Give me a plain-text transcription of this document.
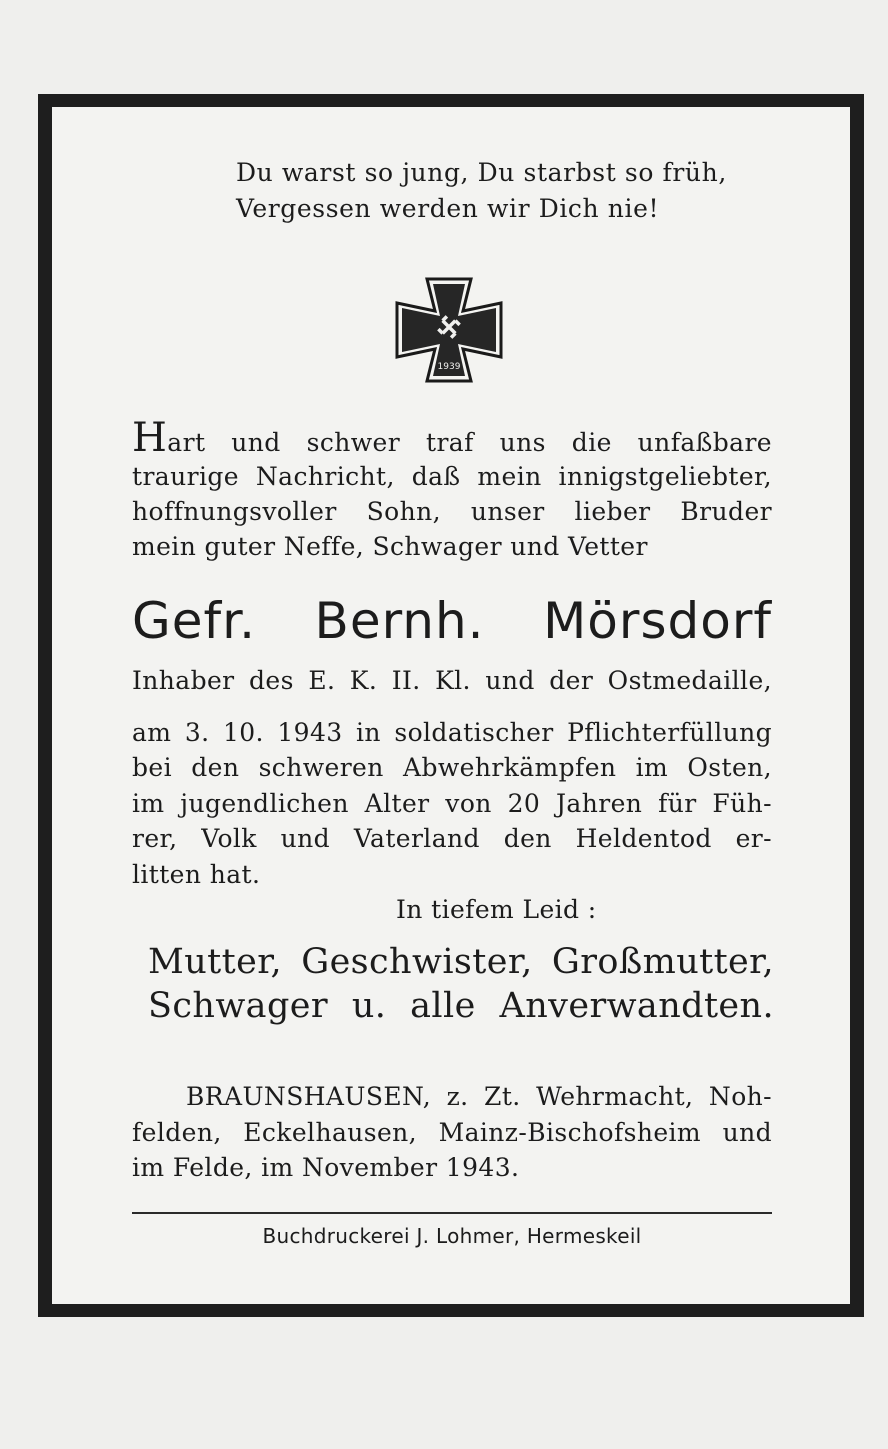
Du warst so jung, Du starbst so früh,
Vergessen werden wir Dich nie!
1939
Hart und schwer traf uns die unfaßbare
traurige Nachricht, daß mein innigstgeliebter,
hoffnungsvoller Sohn, unser lieber Bruder
mein guter Neffe, Schwager und Vetter
Gefr. Bernh. Mörsdorf
Inhaber des E. K. II. Kl. und der Ostmedaille,
am 3. 10. 1943 in soldatischer Pflichterfüllung
bei den schweren Abwehrkämpfen im Osten,
im jugendlichen Alter von 20 Jahren für Füh-
rer, Volk und Vaterland den Heldentod er-
litten hat.
In tiefem Leid :
Mutter, Geschwister, Großmutter,
Schwager u. alle Anverwandten.
BRAUNSHAUSEN, z. Zt. Wehrmacht, Noh-
felden, Eckelhausen, Mainz-Bischofsheim und
im Felde, im November 1943.
Buchdruckerei J. Lohmer, Hermeskeil
